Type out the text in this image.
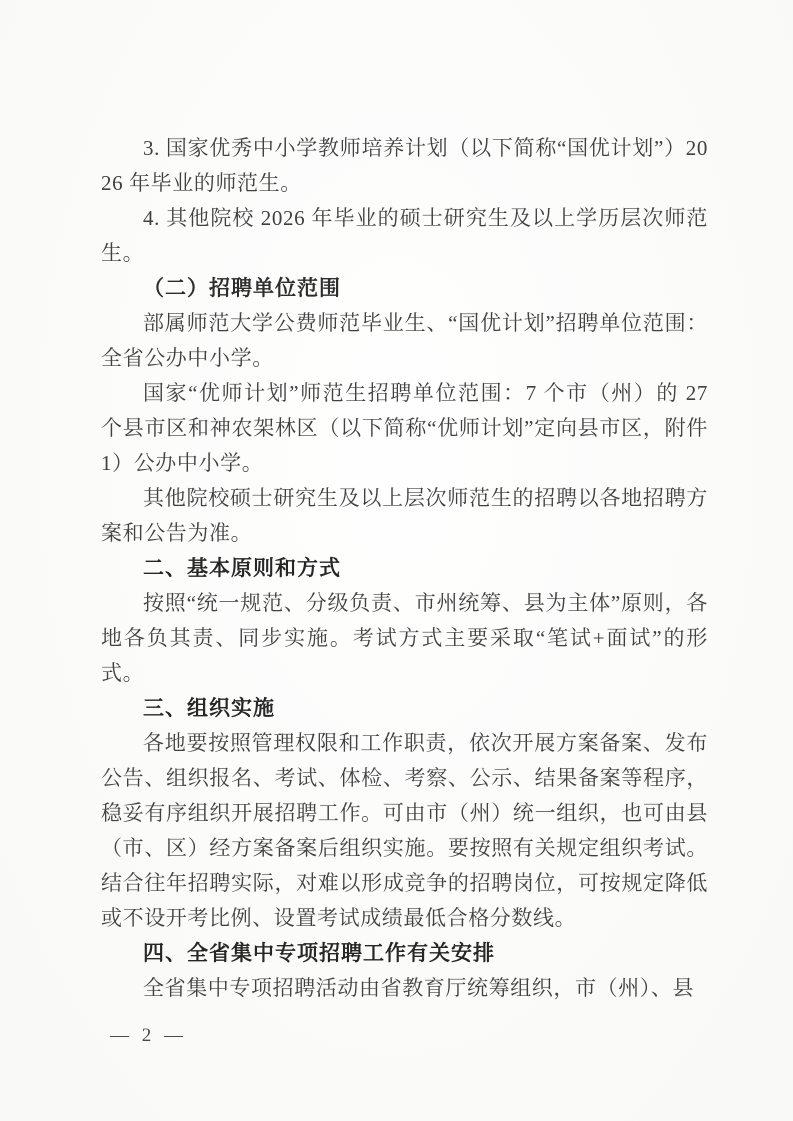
3. 国家优秀中小学教师培养计划（以下简称“国优计划”）2026 年毕业的师范生。

4. 其他院校 2026 年毕业的硕士研究生及以上学历层次师范生。

（二）招聘单位范围

部属师范大学公费师范毕业生、“国优计划”招聘单位范围：全省公办中小学。

国家“优师计划”师范生招聘单位范围：7 个市（州）的 27 个县市区和神农架林区（以下简称“优师计划”定向县市区，附件 1）公办中小学。

其他院校硕士研究生及以上层次师范生的招聘以各地招聘方案和公告为准。

二、基本原则和方式

按照“统一规范、分级负责、市州统筹、县为主体”原则，各地各负其责、同步实施。考试方式主要采取“笔试+面试”的形式。

三、组织实施

各地要按照管理权限和工作职责，依次开展方案备案、发布公告、组织报名、考试、体检、考察、公示、结果备案等程序，稳妥有序组织开展招聘工作。可由市（州）统一组织，也可由县（市、区）经方案备案后组织实施。要按照有关规定组织考试。结合往年招聘实际，对难以形成竞争的招聘岗位，可按规定降低或不设开考比例、设置考试成绩最低合格分数线。

四、全省集中专项招聘工作有关安排

全省集中专项招聘活动由省教育厅统筹组织，市（州）、县

— 2 —
